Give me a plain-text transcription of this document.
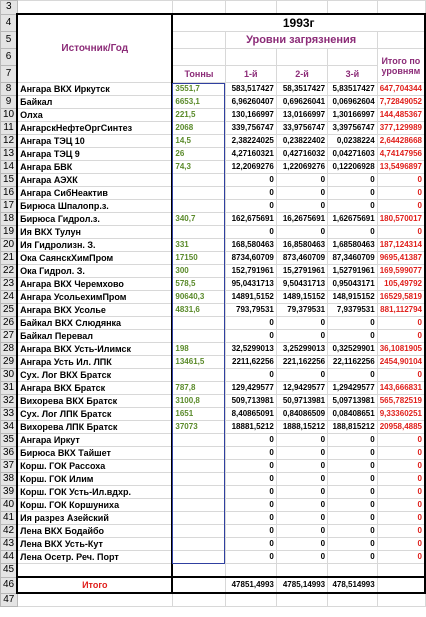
3						
4	Источник/Год	1993г				
5			Уровни загрязнения			
6						Итого по уровням
7		Тонны	1-й	2-й	3-й	
8	Ангара ВКХ Иркутск	3551,7	583,517427	58,3517427	5,83517427	647,704344
9	Байкал	6653,1	6,96260407	0,69626041	0,06962604	7,72849052
10	Олха	221,5	130,166997	13,0166997	1,30166997	144,485367
11	АнгарскНефтеОргСинтез	2068	339,756747	33,9756747	3,39756747	377,129989
12	Ангара ТЭЦ 10	14,5	2,38224025	0,23822402	0,0238224	2,64428668
13	Ангара ТЭЦ 9	26	4,27160321	0,42716032	0,04271603	4,74147956
14	Ангара БВК	74,3	12,2069276	1,22069276	0,12206928	13,5496897
15	Ангара АЭХК		0	0	0	0
16	Ангара СибНеактив		0	0	0	0
17	Бирюса Шпалопр.з.		0	0	0	0
18	Бирюса Гидрол.з.	340,7	162,675691	16,2675691	1,62675691	180,570017
19	Ия ВКХ Тулун		0	0	0	0
20	Ия Гидролизн. З.	331	168,580463	16,8580463	1,68580463	187,124314
21	Ока СаянскХимПром	17150	8734,60709	873,460709	87,3460709	9695,41387
22	Ока Гидрол. З.	300	152,791961	15,2791961	1,52791961	169,599077
23	Ангара ВКХ Черемхово	578,5	95,0431713	9,50431713	0,95043171	105,49792
24	Ангара УсольехимПром	90640,3	14891,5152	1489,15152	148,915152	16529,5819
25	Ангара ВКХ Усолье	4831,6	793,79531	79,379531	7,9379531	881,112794
26	Байкал ВКХ Слюдянка		0	0	0	0
27	Байкал Перевал		0	0	0	0
28	Ангара ВКХ Усть-Илимск	198	32,5299013	3,25299013	0,32529901	36,1081905
29	Ангара Усть Ил. ЛПК	13461,5	2211,62256	221,162256	22,1162256	2454,90104
30	Сух. Лог ВКХ Братск		0	0	0	0
31	Ангара ВКХ Братск	787,8	129,429577	12,9429577	1,29429577	143,666831
32	Вихорева ВКХ Братск	3100,8	509,713981	50,9713981	5,09713981	565,782519
33	Сух. Лог ЛПК Братск	1651	8,40865091	0,84086509	0,08408651	9,33360251
34	Вихорева ЛПК Братск	37073	18881,5212	1888,15212	188,815212	20958,4885
35	Ангара Иркут		0	0	0	0
36	Бирюса ВКХ Тайшет		0	0	0	0
37	Корш. ГОК Рассоха		0	0	0	0
38	Корш. ГОК Илим		0	0	0	0
39	Корш. ГОК Усть-Ил.вдхр.		0	0	0	0
40	Корш. ГОК Коршуниха		0	0	0	0
41	Ия разрез Азейский		0	0	0	0
42	Лена ВКХ Бодайбо		0	0	0	0
43	Лена ВКХ Усть-Кут		0	0	0	0
44	Лена Осетр. Реч. Порт		0	0	0	0
45						
46	Итого		47851,4993	4785,14993	478,514993	
47						
